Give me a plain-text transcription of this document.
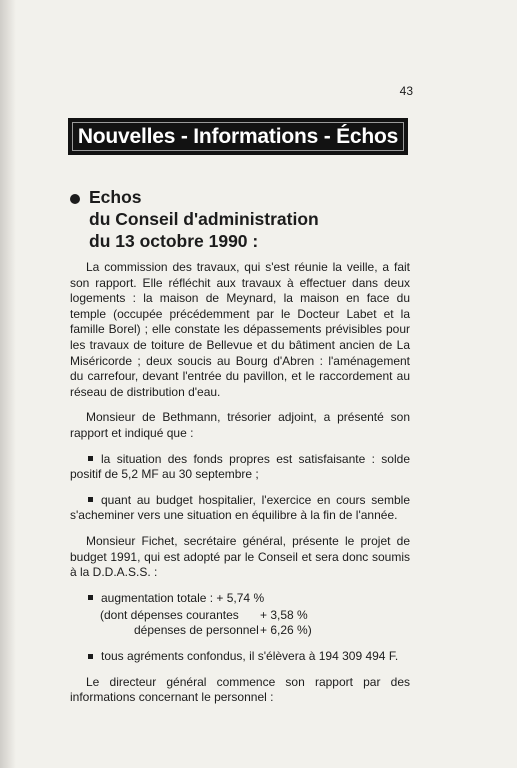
43
Nouvelles - Informations - Échos
Echos
du Conseil d'administration
du 13 octobre 1990 :

La commission des travaux, qui s'est réunie la veille, a fait son rapport. Elle réfléchit aux travaux à effectuer dans deux logements : la maison de Meynard, la maison en face du temple (occupée précédemment par le Docteur Labet et la famille Borel) ; elle constate les dépassements prévisibles pour les travaux de toiture de Bellevue et du bâtiment ancien de La Miséricorde ; deux soucis au Bourg d'Abren : l'aménagement du carrefour, devant l'entrée du pavillon, et le raccordement au réseau de distribution d'eau.

Monsieur de Bethmann, trésorier adjoint, a présenté son rapport et indiqué que :

la situation des fonds propres est satisfaisante : solde positif de 5,2 MF au 30 septembre ;

quant au budget hospitalier, l'exercice en cours semble s'acheminer vers une situation en équilibre à la fin de l'année.

Monsieur Fichet, secrétaire général, présente le projet de budget 1991, qui est adopté par le Conseil et sera donc soumis à la D.D.A.S.S. :

augmentation totale : + 5,74 %

(dont dépenses courantes + 3,58 %
dépenses de personnel + 6,26 %)

tous agréments confondus, il s'élèvera à 194 309 494 F.

Le directeur général commence son rapport par des informations concernant le personnel :
